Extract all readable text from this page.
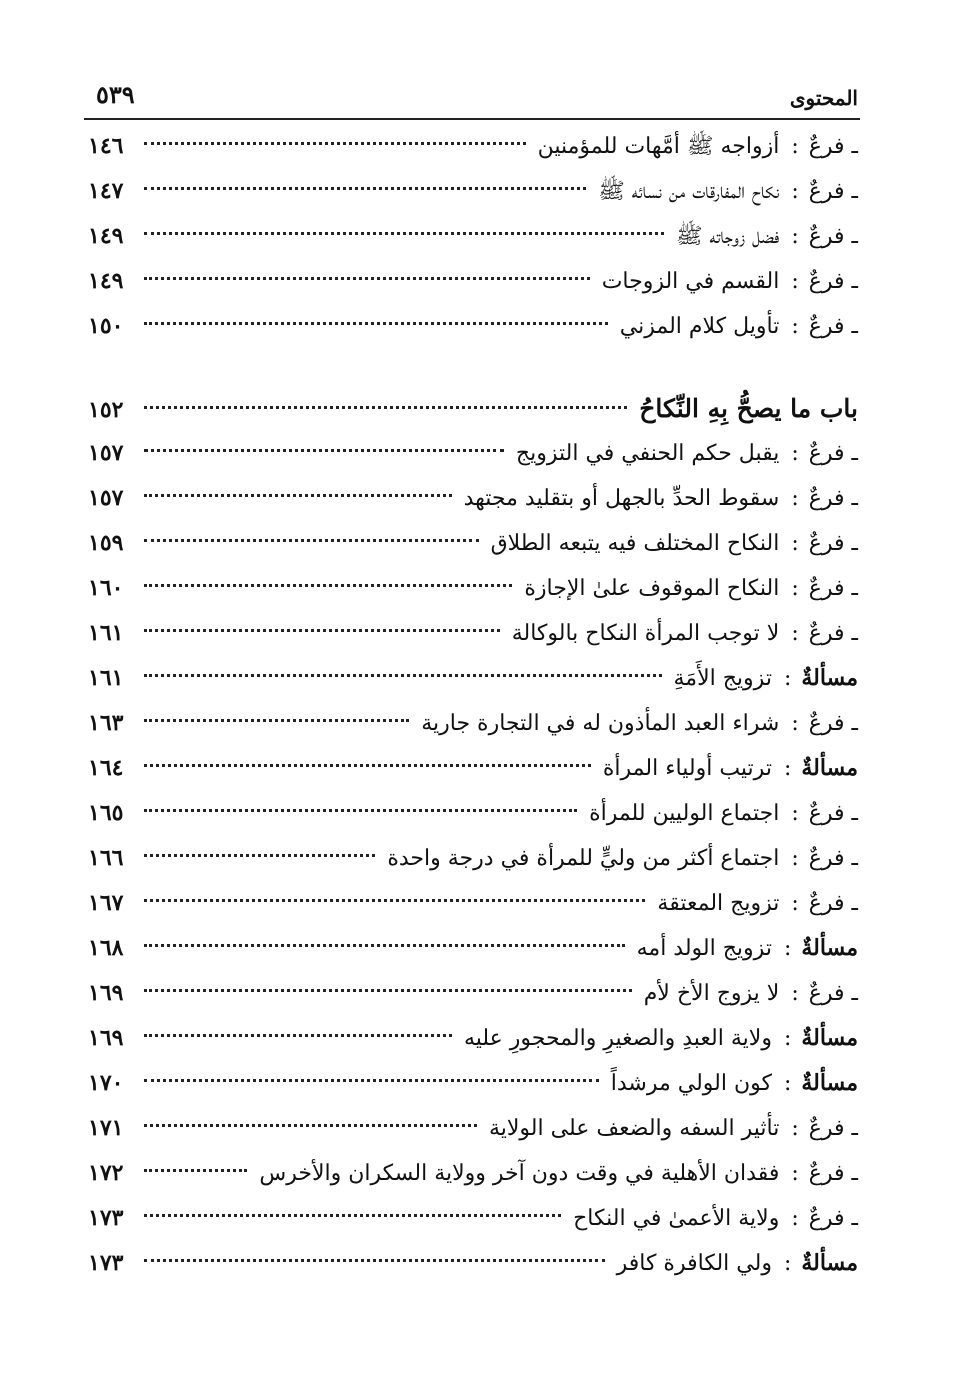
المحتوى
٥٣٩
ـ فرعٌ
:
أزواجه ﷺ أمَّهات للمؤمنين
١٤٦
ـ فرعٌ
:
نكاح المفارقات من نسائه ﷺ
١٤٧
ـ فرعٌ
:
فضل زوجاته ﷺ
١٤٩
ـ فرعٌ
:
القسم في الزوجات
١٤٩
ـ فرعٌ
:
تأويل كلام المزني
١٥٠
باب ما يصحُّ بِهِ النِّكاحُ
١٥٢
ـ فرعٌ
:
يقبل حكم الحنفي في التزويج
١٥٧
ـ فرعٌ
:
سقوط الحدِّ بالجهل أو بتقليد مجتهد
١٥٧
ـ فرعٌ
:
النكاح المختلف فيه يتبعه الطلاق
١٥٩
ـ فرعٌ
:
النكاح الموقوف علىٰ الإجازة
١٦٠
ـ فرعٌ
:
لا توجب المرأة النكاح بالوكالة
١٦١
مسألةٌ
:
تزويج الأَمَةِ
١٦١
ـ فرعٌ
:
شراء العبد المأذون له في التجارة جارية
١٦٣
مسألةٌ
:
ترتيب أولياء المرأة
١٦٤
ـ فرعٌ
:
اجتماع الوليين للمرأة
١٦٥
ـ فرعٌ
:
اجتماع أكثر من وليٍّ للمرأة في درجة واحدة
١٦٦
ـ فرعٌ
:
تزويج المعتقة
١٦٧
مسألةٌ
:
تزويج الولد أمه
١٦٨
ـ فرعٌ
:
لا يزوج الأخ لأم
١٦٩
مسألةٌ
:
ولاية العبدِ والصغيرِ والمحجورِ عليه
١٦٩
مسألةٌ
:
كون الولي مرشداً
١٧٠
ـ فرعٌ
:
تأثير السفه والضعف على الولاية
١٧١
ـ فرعٌ
:
فقدان الأهلية في وقت دون آخر وولاية السكران والأخرس
١٧٢
ـ فرعٌ
:
ولاية الأعمىٰ في النكاح
١٧٣
مسألةٌ
:
ولي الكافرة كافر
١٧٣
